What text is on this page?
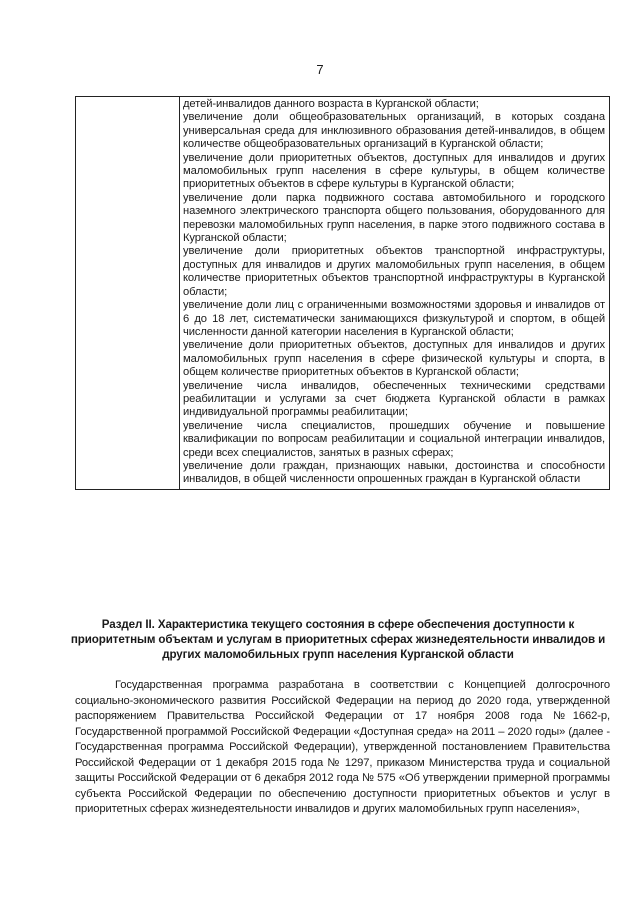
7

детей-инвалидов данного возраста в Курганской области;
увеличение доли общеобразовательных организаций, в которых создана универсальная среда для инклюзивного образования детей-инвалидов, в общем количестве общеобразовательных организаций в Курганской области;
увеличение доли приоритетных объектов, доступных для инвалидов и других маломобильных групп населения в сфере культуры, в общем количестве приоритетных объектов в сфере культуры в Курганской области;
увеличение доли парка подвижного состава автомобильного и городского наземного электрического транспорта общего пользования, оборудованного для перевозки маломобильных групп населения, в парке этого подвижного состава в Курганской области;
увеличение доли приоритетных объектов транспортной инфраструктуры, доступных для инвалидов и других маломобильных групп населения, в общем количестве приоритетных объектов транспортной инфраструктуры в Курганской области;
увеличение доли лиц с ограниченными возможностями здоровья и инвалидов от 6 до 18 лет, систематически занимающихся физкультурой и спортом, в общей численности данной категории населения в Курганской области;
увеличение доли приоритетных объектов, доступных для инвалидов и других маломобильных групп населения в сфере физической культуры и спорта, в общем количестве приоритетных объектов в Курганской области;
увеличение числа инвалидов, обеспеченных техническими средствами реабилитации и услугами за счет бюджета Курганской области в рамках индивидуальной программы реабилитации;
увеличение числа специалистов, прошедших обучение и повышение квалификации по вопросам реабилитации и социальной интеграции инвалидов, среди всех специалистов, занятых в разных сферах;
увеличение доли граждан, признающих навыки, достоинства и способности инвалидов, в общей численности опрошенных граждан в Курганской области
Раздел II. Характеристика текущего состояния в сфере обеспечения доступности к приоритетным объектам и услугам в приоритетных сферах жизнедеятельности инвалидов и других маломобильных групп населения Курганской области
Государственная программа разработана в соответствии с Концепцией долгосрочного социально-экономического развития Российской Федерации на период до 2020 года, утвержденной распоряжением Правительства Российской Федерации от 17 ноября 2008 года №1662-р, Государственной программой Российской Федерации «Доступная среда» на 2011 – 2020 годы» (далее - Государственная программа Российской Федерации), утвержденной постановлением Правительства Российской Федерации от 1 декабря 2015 года № 1297, приказом Министерства труда и социальной защиты Российской Федерации от 6 декабря 2012 года № 575 «Об утверждении примерной программы субъекта Российской Федерации по обеспечению доступности приоритетных объектов и услуг в приоритетных сферах жизнедеятельности инвалидов и других маломобильных групп населения»,
